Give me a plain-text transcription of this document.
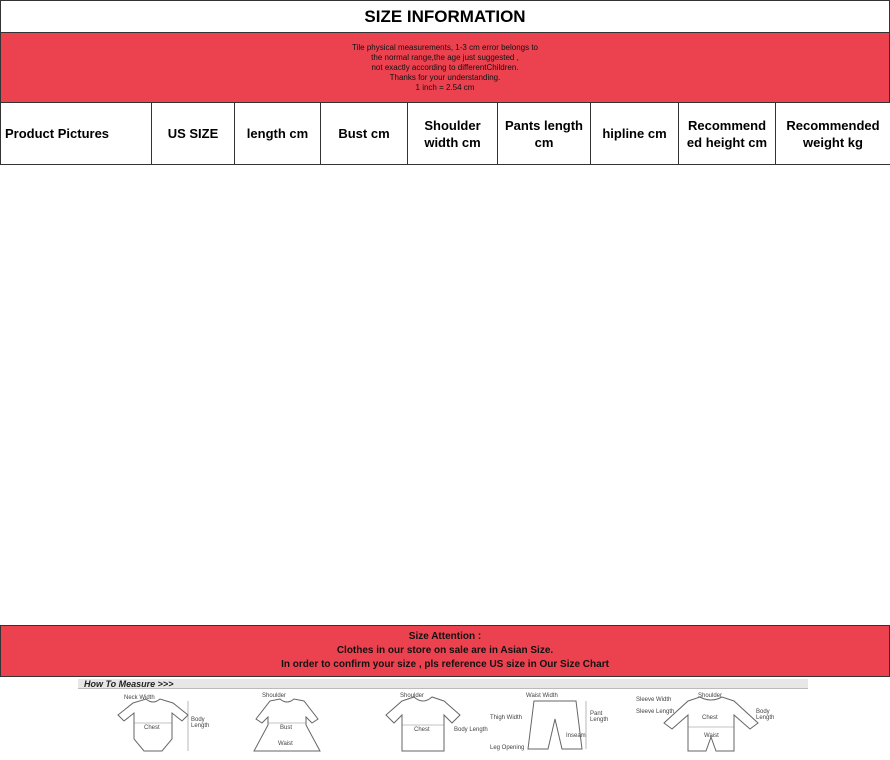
SIZE INFORMATION
Tile physical measurements, 1-3 cm error belongs to
the normal range,the age just suggested ,
not exactly according to differentChildren.
Thanks for your understanding.
1 inch = 2.54 cm
Product Pictures	US SIZE	length cm	Bust cm	Shoulder width cm	Pants length cm	hipline cm	Recommend ed height cm	Recommended weight kg
Size Attention :
Clothes in our store on sale are in Asian Size.
In order to confirm your size , pls reference US size in Our Size Chart
How To Measure >>>
Neck Width
Chest
Body Length
Shoulder
Bust
Waist
Shoulder
Chest	Body Length
Waist Width
Thigh Width
Leg Opening
Pant Length
Inseam
Sleeve Width
Shoulder
Chest
Waist
Body Length
Sleeve Length
